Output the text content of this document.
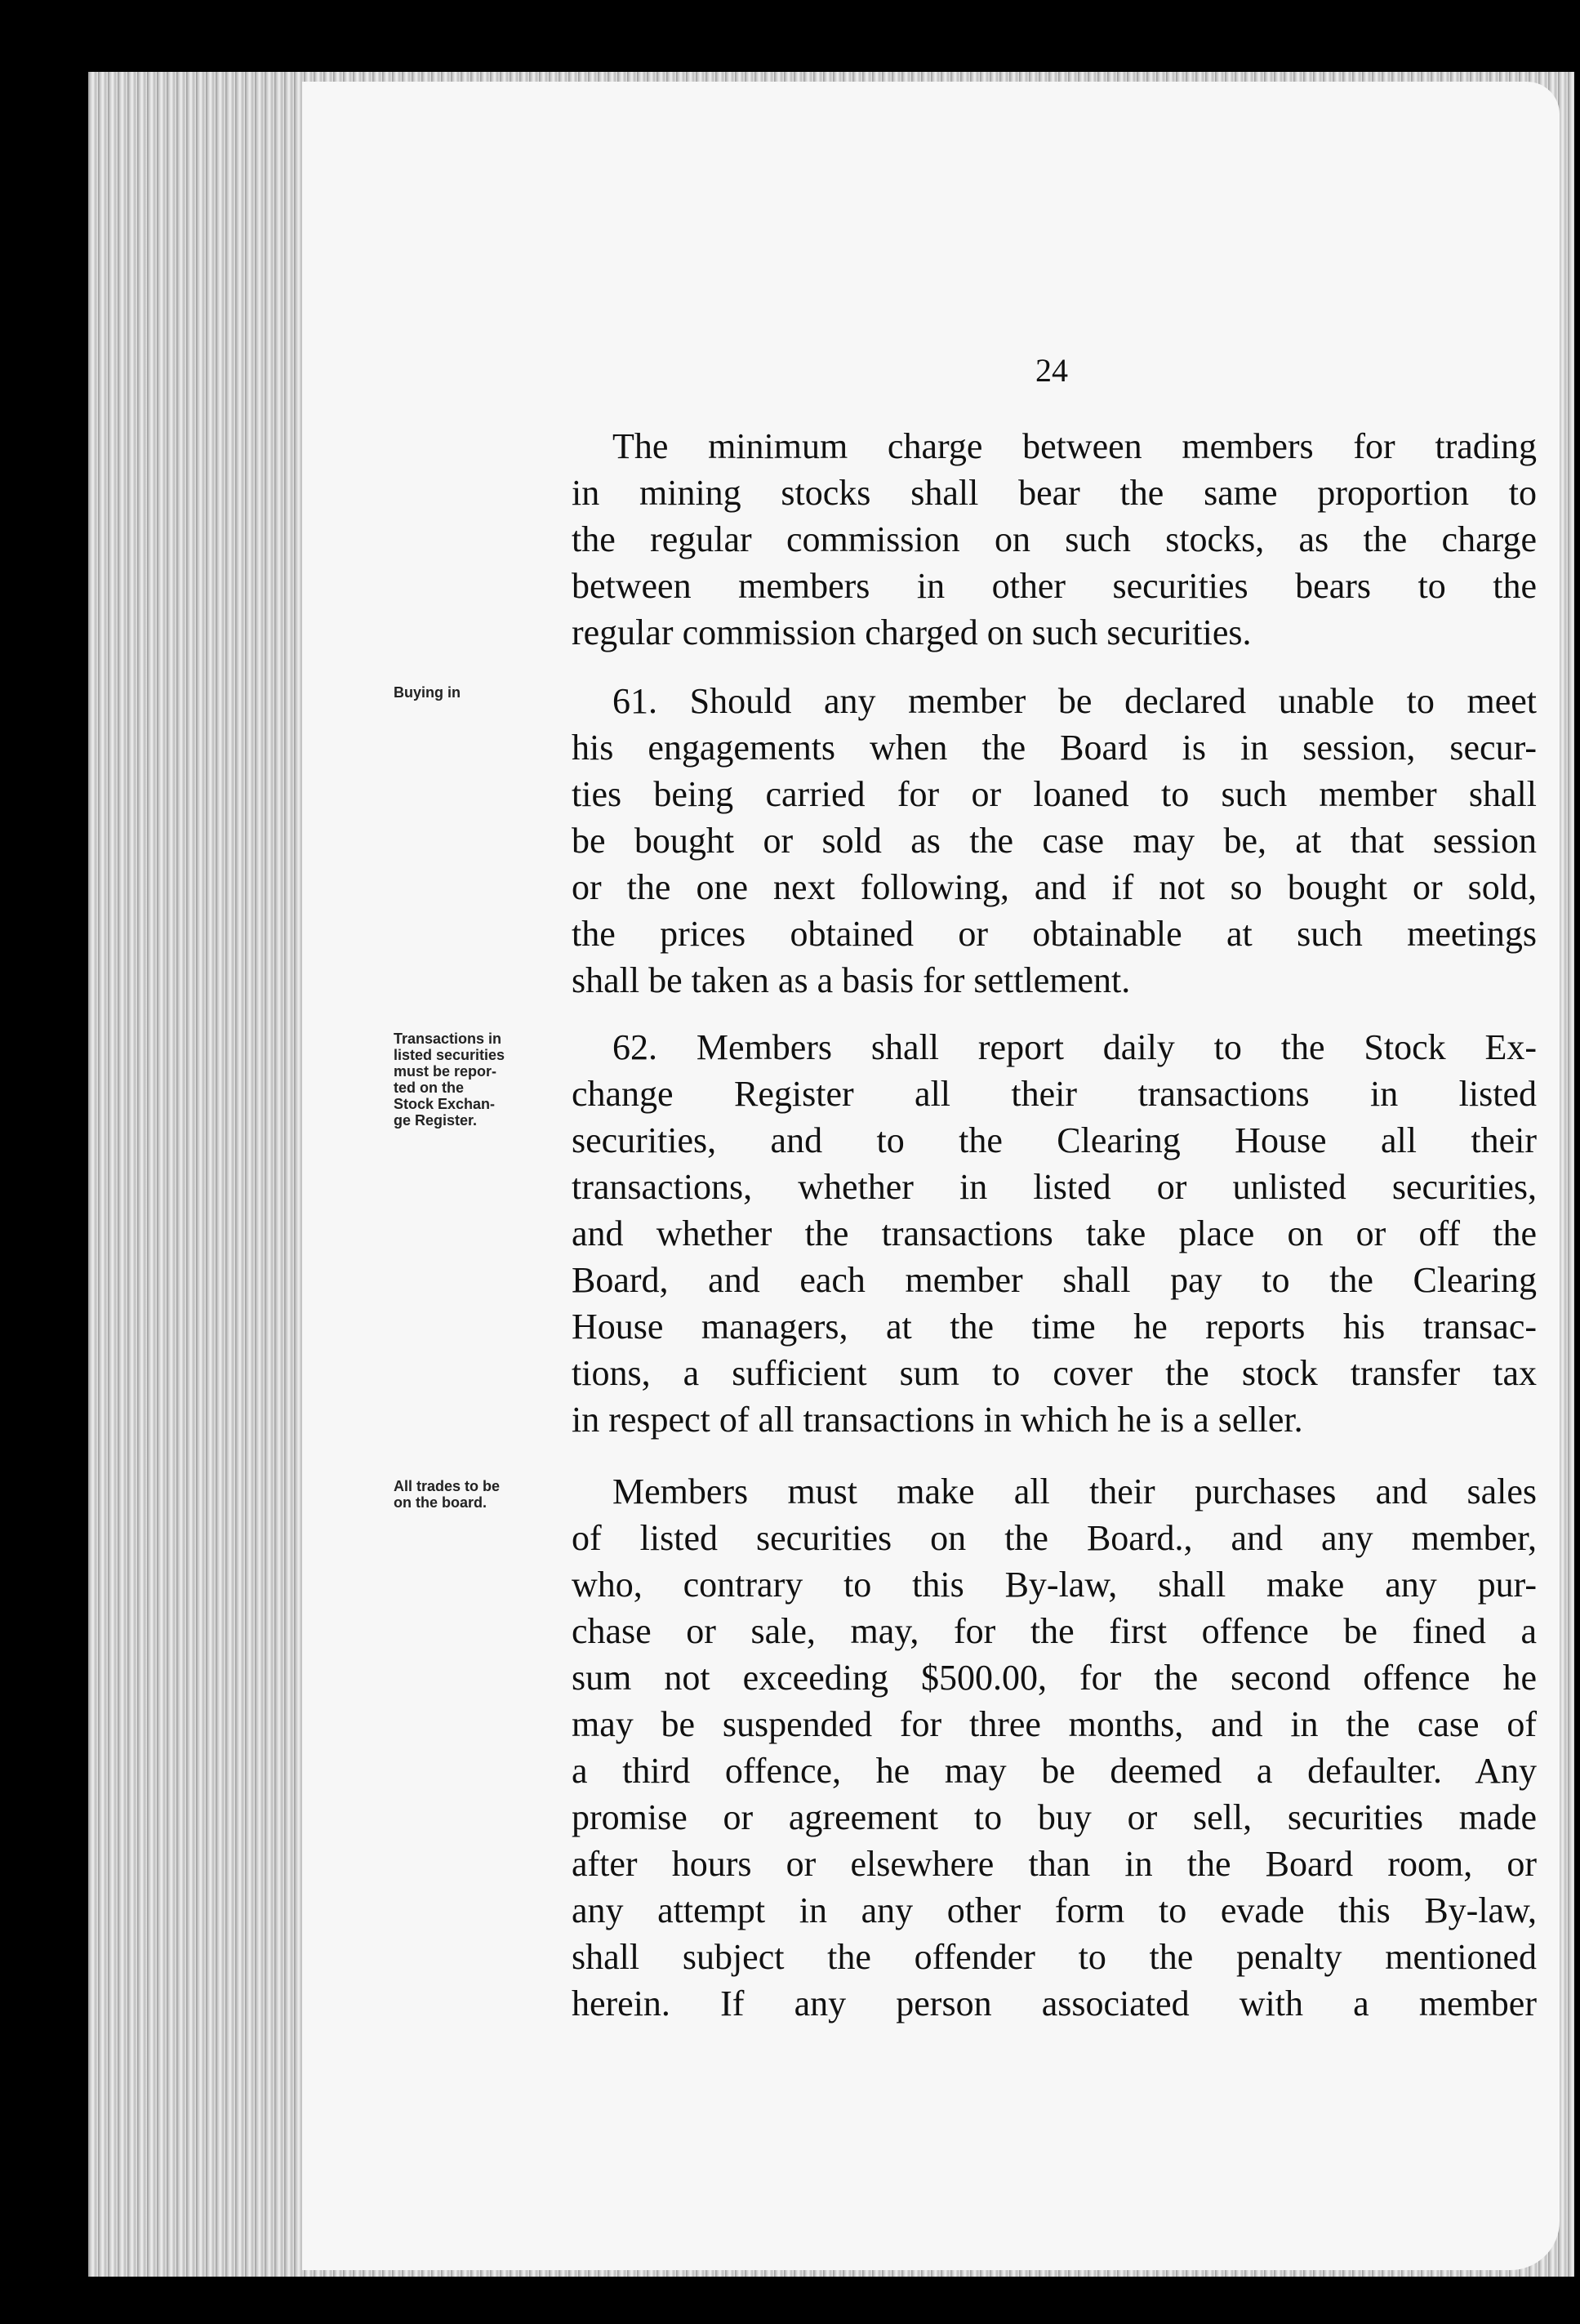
24
The minimum charge between members for trading
in mining stocks shall bear the same proportion to
the regular commission on such stocks, as the charge
between members in other securities bears to the
regular commission charged on such securities.
Buying in	61. Should any member be declared unable to meet
his engagements when the Board is in session, secur-
ties being carried for or loaned to such member shall
be bought or sold as the case may be, at that session
or the one next following, and if not so bought or sold,
the prices obtained or obtainable at such meetings
shall be taken as a basis for settlement.
Transactions in
listed securities
must be repor-
ted on the
Stock Exchan-
ge Register.
62. Members shall report daily to the Stock Ex-
change Register all their transactions in listed
securities, and to the Clearing House all their
transactions, whether in listed or unlisted securities,
and whether the transactions take place on or off the
Board, and each member shall pay to the Clearing
House managers, at the time he reports his transac-
tions, a sufficient sum to cover the stock transfer tax
in respect of all transactions in which he is a seller.
All trades to be
on the board.	Members must make all their purchases and sales
of listed securities on the Board., and any member,
who, contrary to this By-law, shall make any pur-
chase or sale, may, for the first offence be fined a
sum not exceeding $500.00, for the second offence he
may be suspended for three months, and in the case of
a third offence, he may be deemed a defaulter. Any
promise or agreement to buy or sell, securities made
after hours or elsewhere than in the Board room, or
any attempt in any other form to evade this By-law,
shall subject the offender to the penalty mentioned
herein. If any person associated with a member
